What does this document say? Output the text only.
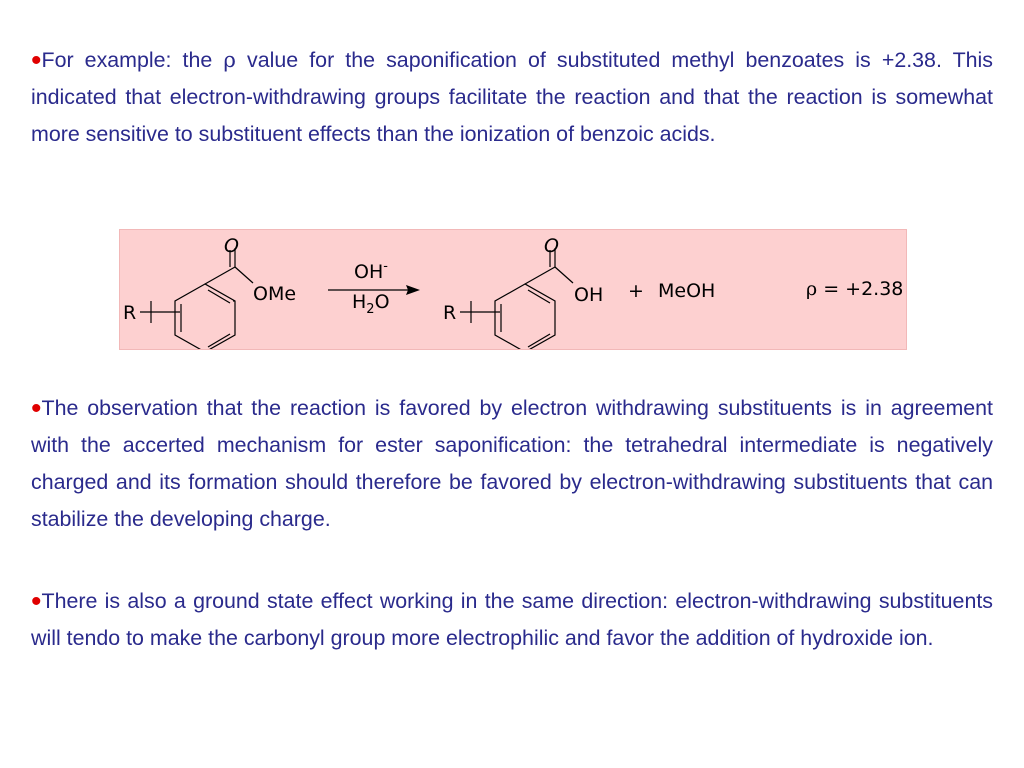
•For example: the ρ value for the saponification of substituted methyl benzoates is +2.38. This indicated that electron-withdrawing groups facilitate the reaction and that the reaction is somewhat more sensitive to substituent effects than the ionization of benzoic acids.

O
OMe
R
OH-
$H_2O$
O
OH
R
+ MeOH	ρ = +2.38

•The observation that the reaction is favored by electron withdrawing substituents is in agreement with the accerted mechanism for ester saponification: the tetrahedral intermediate is negatively charged and its formation should therefore be favored by electron-withdrawing substituents that can stabilize the developing charge.

•There is also a ground state effect working in the same direction: electron-withdrawing substituents will tendo to make the carbonyl group more electrophilic and favor the addition of hydroxide ion.
